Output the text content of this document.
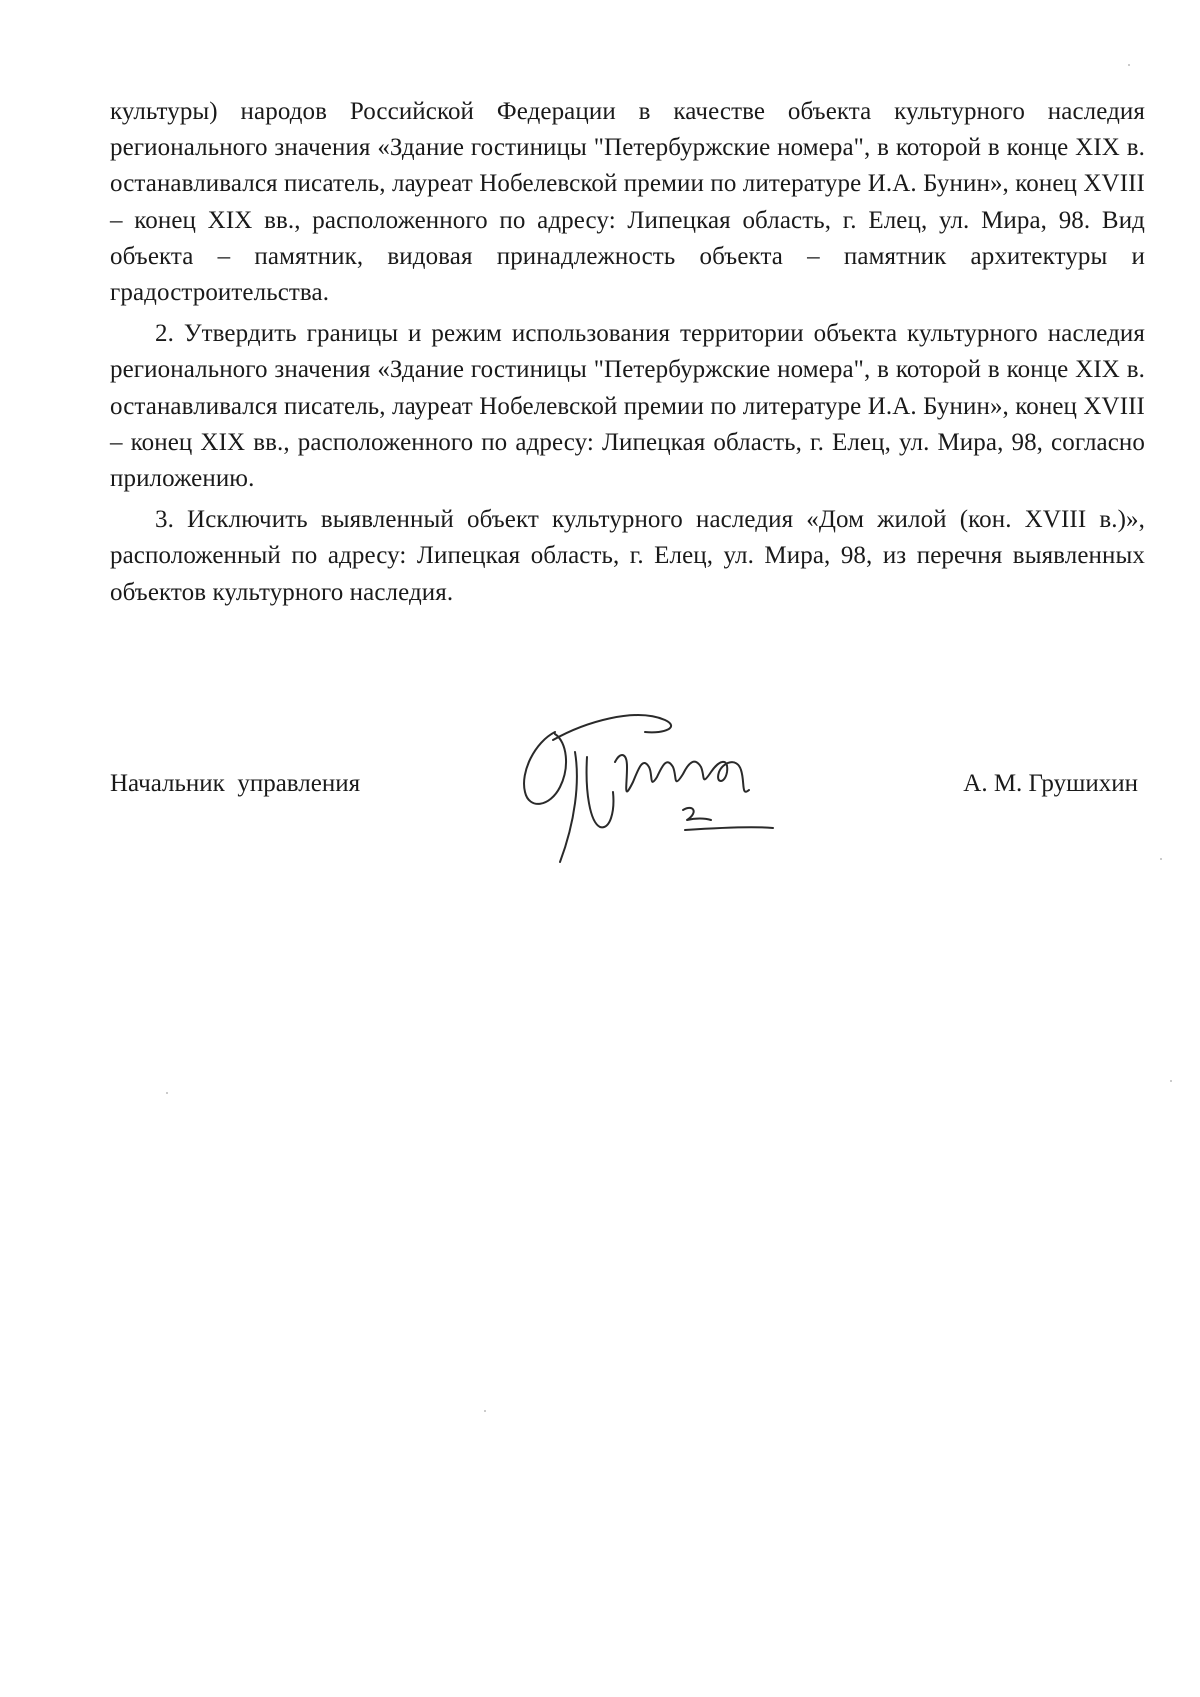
культуры) народов Российской Федерации в качестве объекта культурного наследия регионального значения «Здание гостиницы "Петербуржские номера", в которой в конце XIX в. останавливался писатель, лауреат Нобелевской премии по литературе И.А. Бунин», конец XVIII – конец XIX вв., расположенного по адресу: Липецкая область, г. Елец, ул. Мира, 98. Вид объекта – памятник, видовая принадлежность объекта – памятник архитектуры и градостроительства.

2. Утвердить границы и режим использования территории объекта культурного наследия регионального значения «Здание гостиницы "Петербуржские номера", в которой в конце XIX в. останавливался писатель, лауреат Нобелевской премии по литературе И.А. Бунин», конец XVIII – конец XIX вв., расположенного по адресу: Липецкая область, г. Елец, ул. Мира, 98, согласно приложению.

3. Исключить выявленный объект культурного наследия «Дом жилой (кон. XVIII в.)», расположенный по адресу: Липецкая область, г. Елец, ул. Мира, 98, из перечня выявленных объектов культурного наследия.

Начальник  управления	А. М. Грушихин
